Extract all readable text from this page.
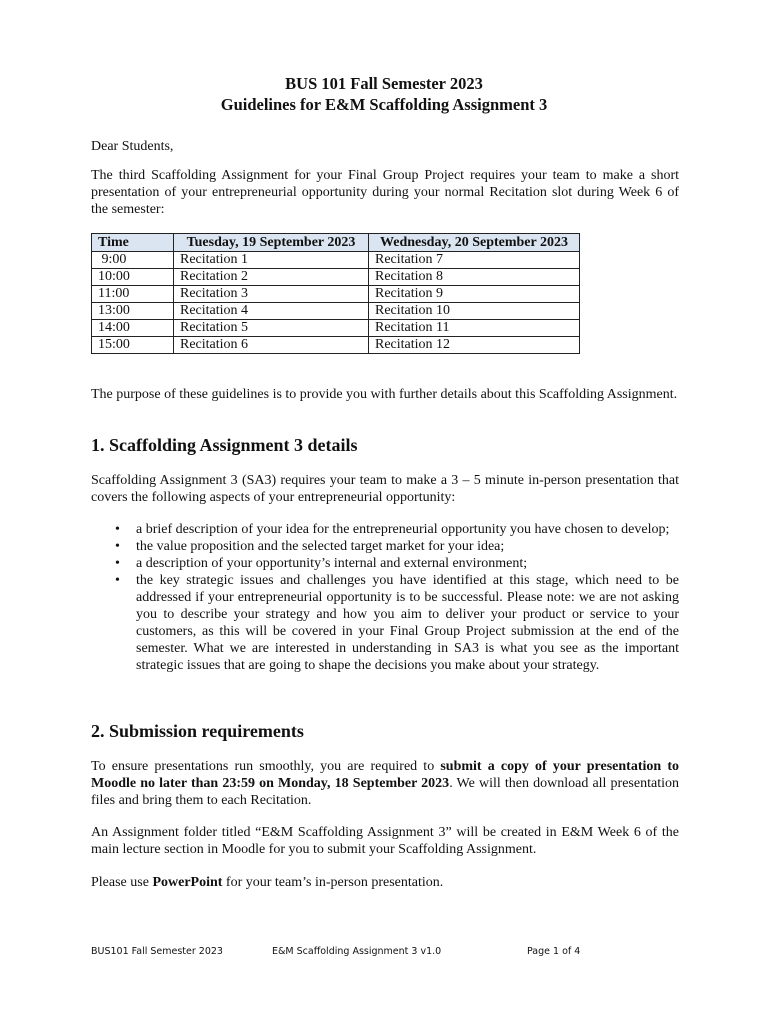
BUS 101 Fall Semester 2023
Guidelines for E&M Scaffolding Assignment 3

Dear Students,

The third Scaffolding Assignment for your Final Group Project requires your team to make a short presentation of your entrepreneurial opportunity during your normal Recitation slot during Week 6 of the semester:

Time	Tuesday, 19 September 2023	Wednesday, 20 September 2023
9:00	Recitation 1	Recitation 7
10:00	Recitation 2	Recitation 8
11:00	Recitation 3	Recitation 9
13:00	Recitation 4	Recitation 10
14:00	Recitation 5	Recitation 11
15:00	Recitation 6	Recitation 12

The purpose of these guidelines is to provide you with further details about this Scaffolding Assignment.

1. Scaffolding Assignment 3 details

Scaffolding Assignment 3 (SA3) requires your team to make a 3 – 5 minute in-person presentation that covers the following aspects of your entrepreneurial opportunity:

• a brief description of your idea for the entrepreneurial opportunity you have chosen to develop;
• the value proposition and the selected target market for your idea;
• a description of your opportunity’s internal and external environment;
• the key strategic issues and challenges you have identified at this stage, which need to be addressed if your entrepreneurial opportunity is to be successful. Please note: we are not asking you to describe your strategy and how you aim to deliver your product or service to your customers, as this will be covered in your Final Group Project submission at the end of the semester. What we are interested in understanding in SA3 is what you see as the important strategic issues that are going to shape the decisions you make about your strategy.
2. Submission requirements

To ensure presentations run smoothly, you are required to submit a copy of your presentation to Moodle no later than 23:59 on Monday, 18 September 2023. We will then download all presentation files and bring them to each Recitation.

An Assignment folder titled “E&M Scaffolding Assignment 3” will be created in E&M Week 6 of the main lecture section in Moodle for you to submit your Scaffolding Assignment.

Please use PowerPoint for your team’s in-person presentation.

BUS101 Fall Semester 2023	E&M Scaffolding Assignment 3 v1.0	Page 1 of 4
